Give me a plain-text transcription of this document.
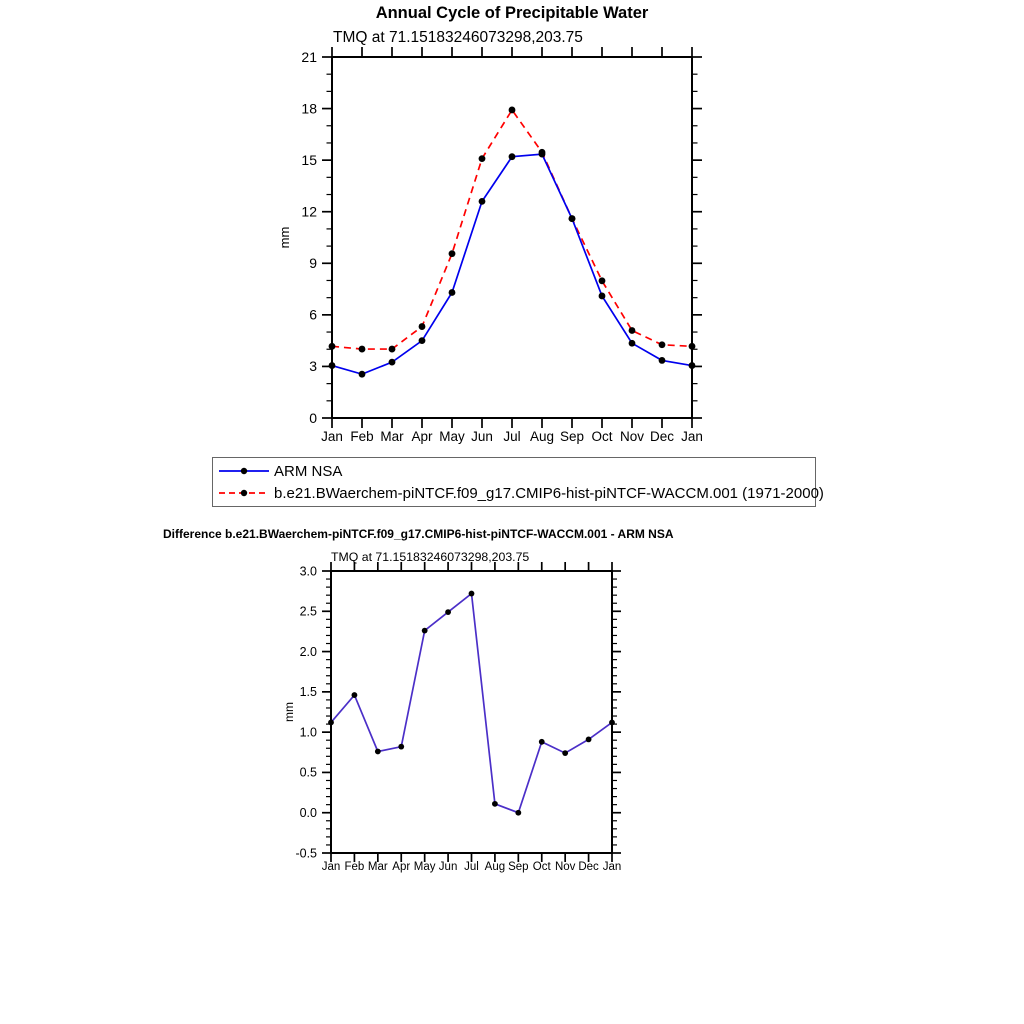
Annual Cycle of Precipitable Water
TMQ at 71.15183246073298,203.75
0
3
6
9
12
15
18
21
Jan Feb Mar Apr May Jun Jul Aug Sep Oct Nov Dec Jan
mm
ARM NSA
b.e21.BWaerchem-piNTCF.f09_g17.CMIP6-hist-piNTCF-WACCM.001 (1971-2000)
Difference b.e21.BWaerchem-piNTCF.f09_g17.CMIP6-hist-piNTCF-WACCM.001 - ARM NSA
TMQ at 71.15183246073298,203.75
-0.5
0.0
0.5
1.0
1.5
2.0
2.5
3.0
Jan Feb Mar Apr May Jun Jul Aug Sep Oct Nov Dec Jan
mm
